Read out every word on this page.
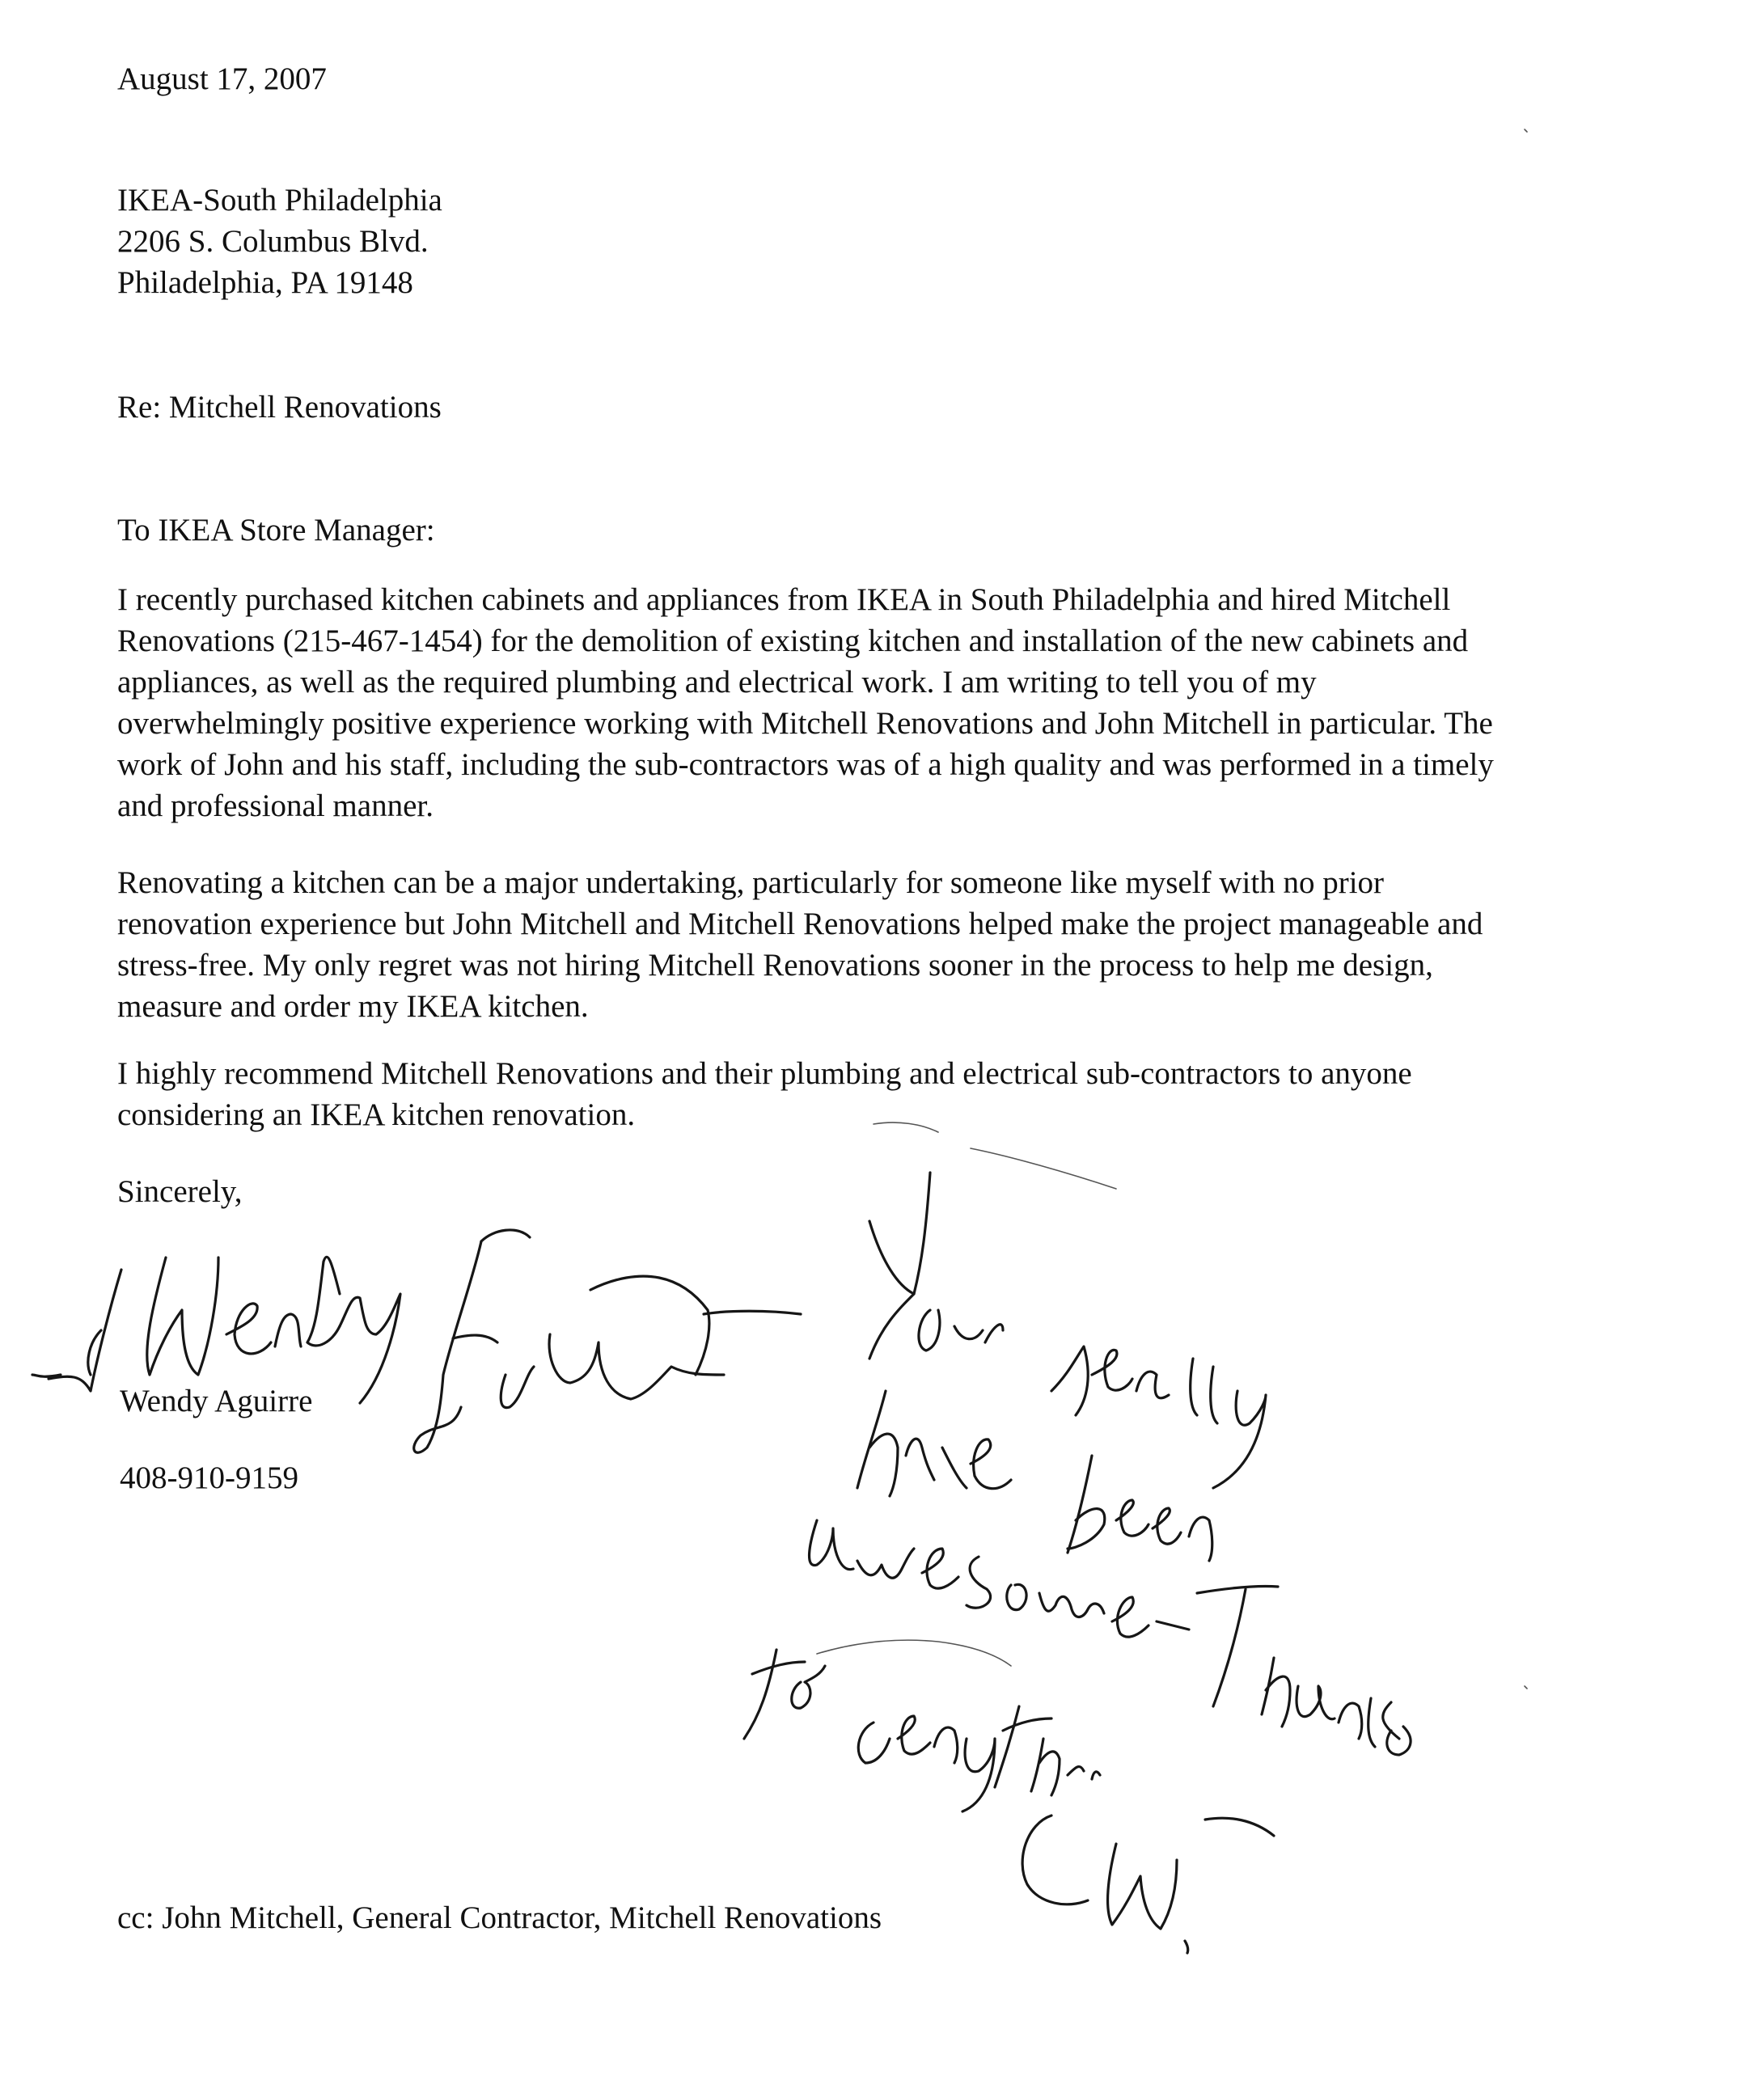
August 17, 2007

IKEA-South Philadelphia
2206 S. Columbus Blvd.
Philadelphia, PA 19148

Re: Mitchell Renovations

To IKEA Store Manager:

I recently purchased kitchen cabinets and appliances from IKEA in South Philadelphia and hired Mitchell
Renovations (215-467-1454) for the demolition of existing kitchen and installation of the new cabinets and
appliances, as well as the required plumbing and electrical work. I am writing to tell you of my
overwhelmingly positive experience working with Mitchell Renovations and John Mitchell in particular. The
work of John and his staff, including the sub-contractors was of a high quality and was performed in a timely
and professional manner.
Renovating a kitchen can be a major undertaking, particularly for someone like myself with no prior
renovation experience but John Mitchell and Mitchell Renovations helped make the project manageable and
stress-free. My only regret was not hiring Mitchell Renovations sooner in the process to help me design,
measure and order my IKEA kitchen.
I highly recommend Mitchell Renovations and their plumbing and electrical sub-contractors to anyone
considering an IKEA kitchen renovation.

Sincerely,

Wendy Aguirre

408-910-9159

cc: John Mitchell, General Contractor, Mitchell Renovations
